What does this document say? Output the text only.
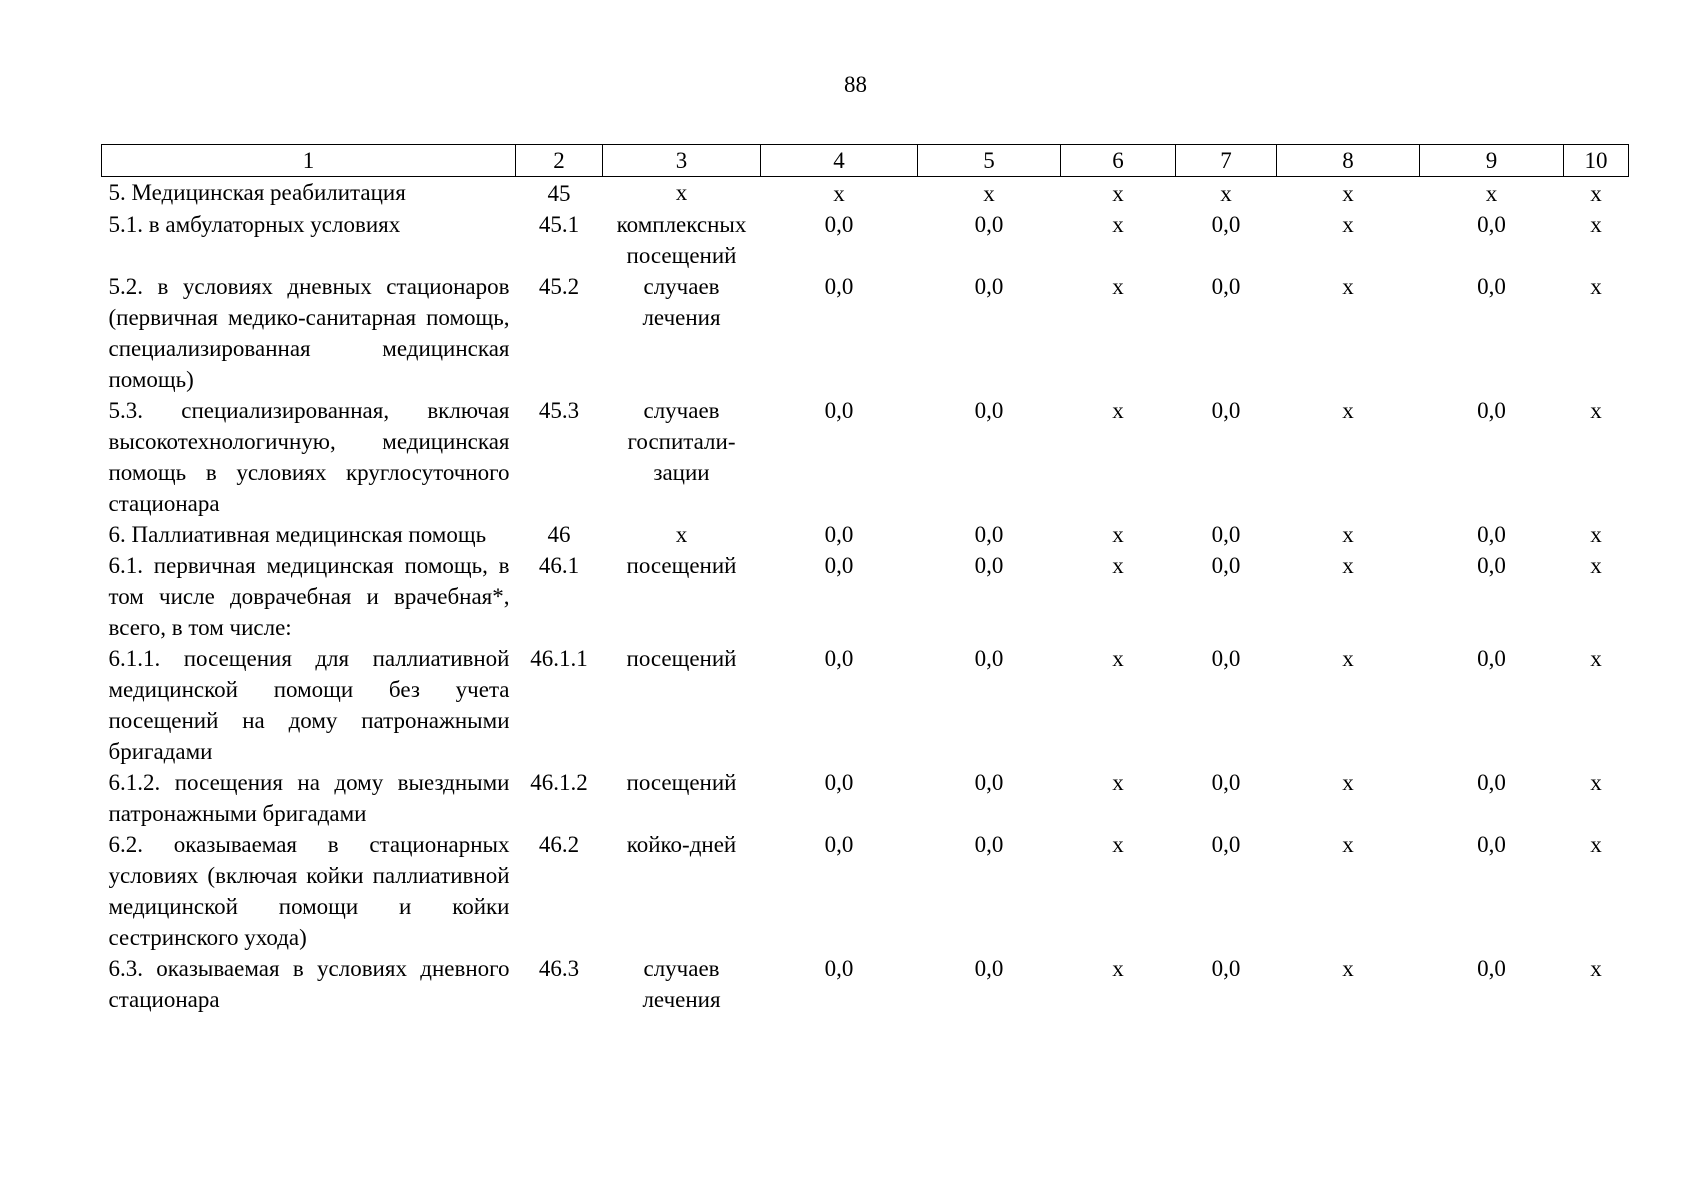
88
1	2	3	4	5	6	7	8	9	10
5. Медицинская реабилитация	45	х	х	х	х	х	х	х	х
5.1. в амбулаторных условиях	45.1	комплексных посещений	0,0	0,0	х	0,0	х	0,0	х
5.2. в условиях дневных стационаров (первичная медико-санитарная помощь, специализированная медицинская помощь)	45.2	случаев лечения	0,0	0,0	х	0,0	х	0,0	х
5.3. специализированная, включая высокотехнологичную, медицинская помощь в условиях круглосуточного стационара	45.3	случаев госпитализации	0,0	0,0	х	0,0	х	0,0	х
6. Паллиативная медицинская помощь	46	х	0,0	0,0	х	0,0	х	0,0	х
6.1. первичная медицинская помощь, в том числе доврачебная и врачебная*, всего, в том числе:	46.1	посещений	0,0	0,0	х	0,0	х	0,0	х
6.1.1. посещения для паллиативной медицинской помощи без учета посещений на дому патронажными бригадами	46.1.1	посещений	0,0	0,0	х	0,0	х	0,0	х
6.1.2. посещения на дому выездными патронажными бригадами	46.1.2	посещений	0,0	0,0	х	0,0	х	0,0	х
6.2. оказываемая в стационарных условиях (включая койки паллиативной медицинской помощи и койки сестринского ухода)	46.2	койко-дней	0,0	0,0	х	0,0	х	0,0	х
6.3. оказываемая в условиях дневного стационара	46.3	случаев лечения	0,0	0,0	х	0,0	х	0,0	х
